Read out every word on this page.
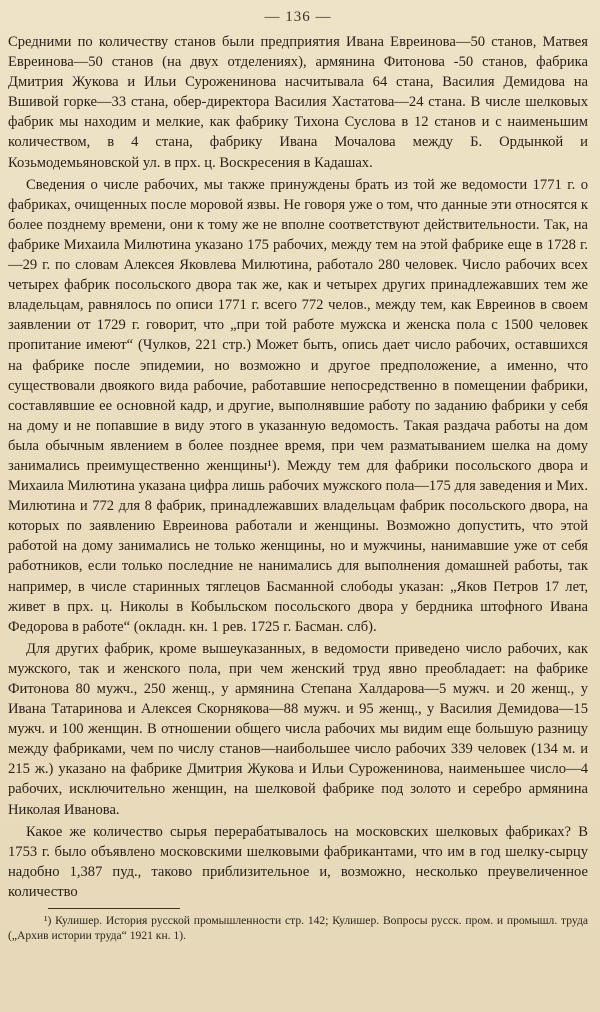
— 136 —

Средними по количеству станов были предприятия Ивана Евреинова—50 станов, Матвея Евреинова—50 станов (на двух отделениях), армянина Фитонова -50 станов, фабрика Дмитрия Жукова и Ильи Суроженинова насчитывала 64 стана, Василия Демидова на Вшивой горке—33 стана, обер-директора Василия Хастатова—24 стана. В числе шелковых фабрик мы находим и мелкие, как фабрику Тихона Суслова в 12 станов и с наименьшим количеством, в 4 стана, фабрику Ивана Мочалова между Б. Ордынкой и Козьмодемьяновской ул. в прх. ц. Воскресения в Кадашах.

Сведения о числе рабочих, мы также принуждены брать из той же ведомости 1771 г. о фабриках, очищенных после моровой язвы. Не говоря уже о том, что данные эти относятся к более позднему времени, они к тому же не вполне соответствуют действительности. Так, на фабрике Михаила Милютина указано 175 рабочих, между тем на этой фабрике еще в 1728 г.—29 г. по словам Алексея Яковлева Милютина, работало 280 человек. Число рабочих всех четырех фабрик посольского двора так же, как и четырех других принадлежавших тем же владельцам, равнялось по описи 1771 г. всего 772 челов., между тем, как Евреинов в своем заявлении от 1729 г. говорит, что „при той работе мужска и женска пола с 1500 человек пропитание имеют“ (Чулков, 221 стр.) Может быть, опись дает число рабочих, оставшихся на фабрике после эпидемии, но возможно и другое предположение, а именно, что существовали двоякого вида рабочие, работавшие непосредственно в помещении фабрики, составлявшие ее основной кадр, и другие, выполнявшие работу по заданию фабрики у себя на дому и не попавшие в виду этого в указанную ведомость. Такая раздача работы на дом была обычным явлением в более позднее время, при чем разматыванием шелка на дому занимались преимущественно женщины¹). Между тем для фабрики посольского двора и Михаила Милютина указана цифра лишь рабочих мужского пола—175 для заведения и Мих. Милютина и 772 для 8 фабрик, принадлежавших владельцам фабрик посольского двора, на которых по заявлению Евреинова работали и женщины. Возможно допустить, что этой работой на дому занимались не только женщины, но и мужчины, нанимавшие уже от себя работников, если только последние не нанимались для выполнения домашней работы, так например, в числе старинных тяглецов Басманной слободы указан: „Яков Петров 17 лет, живет в прх. ц. Николы в Кобыльском посольского двора у бердника штофного Ивана Федорова в работе“ (окладн. кн. 1 рев. 1725 г. Басман. слб).

Для других фабрик, кроме вышеуказанных, в ведомости приведено число рабочих, как мужского, так и женского пола, при чем женский труд явно преобладает: на фабрике Фитонова 80 мужч., 250 женщ., у армянина Степана Халдарова—5 мужч. и 20 женщ., у Ивана Татаринова и Алексея Скорнякова—88 мужч. и 95 женщ., у Василия Демидова—15 мужч. и 100 женщин. В отношении общего числа рабочих мы видим еще большую разницу между фабриками, чем по числу станов—наибольшее число рабочих 339 человек (134 м. и 215 ж.) указано на фабрике Дмитрия Жукова и Ильи Суроженинова, наименьшее число—4 рабочих, исключительно женщин, на шелковой фабрике под золото и серебро армянина Николая Иванова.

Какое же количество сырья перерабатывалось на московских шелковых фабриках? В 1753 г. было объявлено московскими шелковыми фабрикантами, что им в год шелку-сырцу надобно 1,387 пуд., таково приблизительное и, возможно, несколько преувеличенное количество

¹) Кулишер. История русской промышленности стр. 142; Кулишер. Вопросы русск. пром. и промышл. труда („Архив истории труда“ 1921 кн. 1).
